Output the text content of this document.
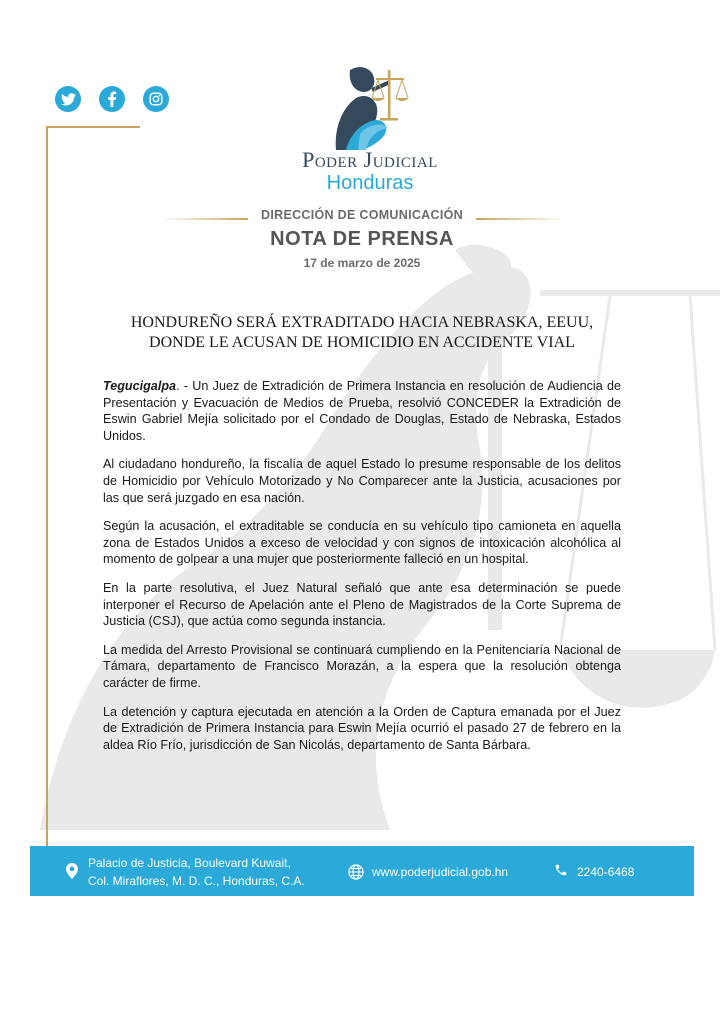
Poder Judicial
Honduras
DIRECCIÓN DE COMUNICACIÓN
NOTA DE PRENSA
17 de marzo de 2025
HONDUREÑO SERÁ EXTRADITADO HACIA NEBRASKA, EEUU,
DONDE LE ACUSAN DE HOMICIDIO EN ACCIDENTE VIAL

Tegucigalpa. - Un Juez de Extradición de Primera Instancia en resolución de Audiencia de Presentación y Evacuación de Medios de Prueba, resolvió CONCEDER la Extradición de Eswin Gabriel Mejía solicitado por el Condado de Douglas, Estado de Nebraska, Estados Unidos.

Al ciudadano hondureño, la fiscalía de aquel Estado lo presume responsable de los delitos de Homicidio por Vehículo Motorizado y No Comparecer ante la Justicia, acusaciones por las que será juzgado en esa nación.

Según la acusación, el extraditable se conducía en su vehículo tipo camioneta en aquella zona de Estados Unidos a exceso de velocidad y con signos de intoxicación alcohólica al momento de golpear a una mujer que posteriormente falleció en un hospital.

En la parte resolutiva, el Juez Natural señaló que ante esa determinación se puede interponer el Recurso de Apelación ante el Pleno de Magistrados de la Corte Suprema de Justicia (CSJ), que actúa como segunda instancia.

La medida del Arresto Provisional se continuará cumpliendo en la Penitenciaría Nacional de Támara, departamento de Francisco Morazán, a la espera que la resolución obtenga carácter de firme.

La detención y captura ejecutada en atención a la Orden de Captura emanada por el Juez de Extradición de Primera Instancia para Eswin Mejía ocurrió el pasado 27 de febrero en la aldea Río Frío, jurisdicción de San Nicolás, departamento de Santa Bárbara.

Palacio de Justicia, Boulevard Kuwait,
Col. Miraflores, M. D. C., Honduras, C.A.
www.poderjudicial.gob.hn	2240-6468
